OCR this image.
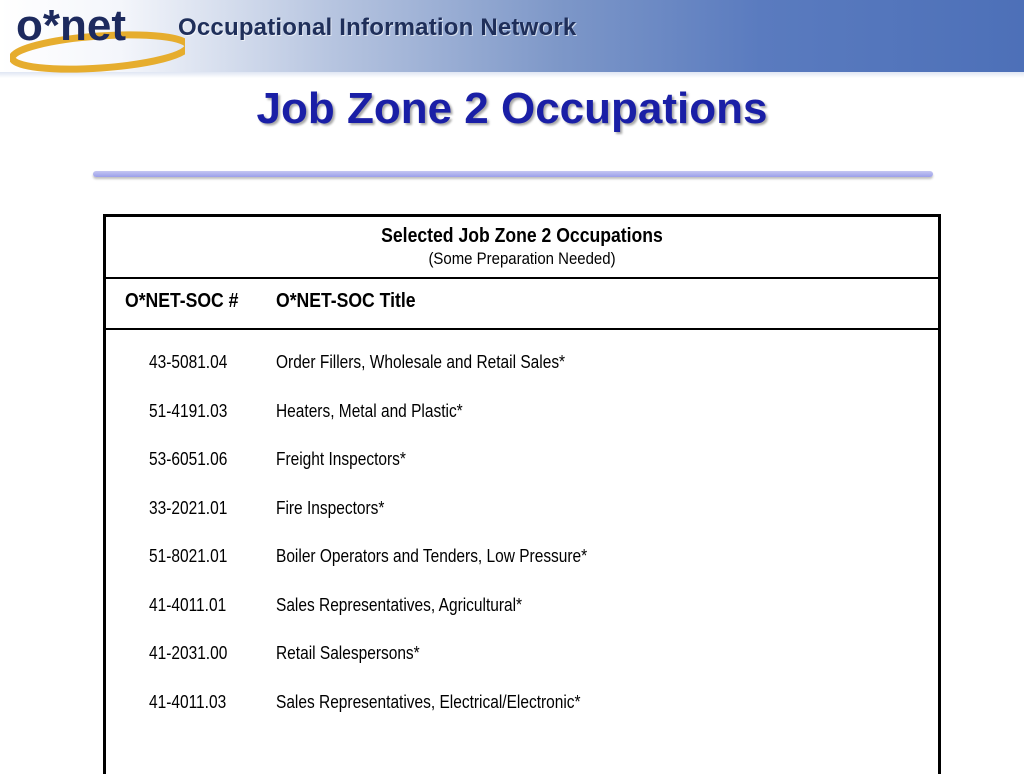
o*net Occupational Information Network
Job Zone 2 Occupations
Selected Job Zone 2 Occupations
(Some Preparation Needed)
O*NET-SOC # O*NET-SOC Title
43-5081.04	Order Fillers, Wholesale and Retail Sales*
51-4191.03	Heaters, Metal and Plastic*
53-6051.06	Freight Inspectors*
33-2021.01	Fire Inspectors*
51-8021.01	Boiler Operators and Tenders, Low Pressure*
41-4011.01	Sales Representatives, Agricultural*
41-2031.00	Retail Salespersons*
41-4011.03	Sales Representatives, Electrical/Electronic*
